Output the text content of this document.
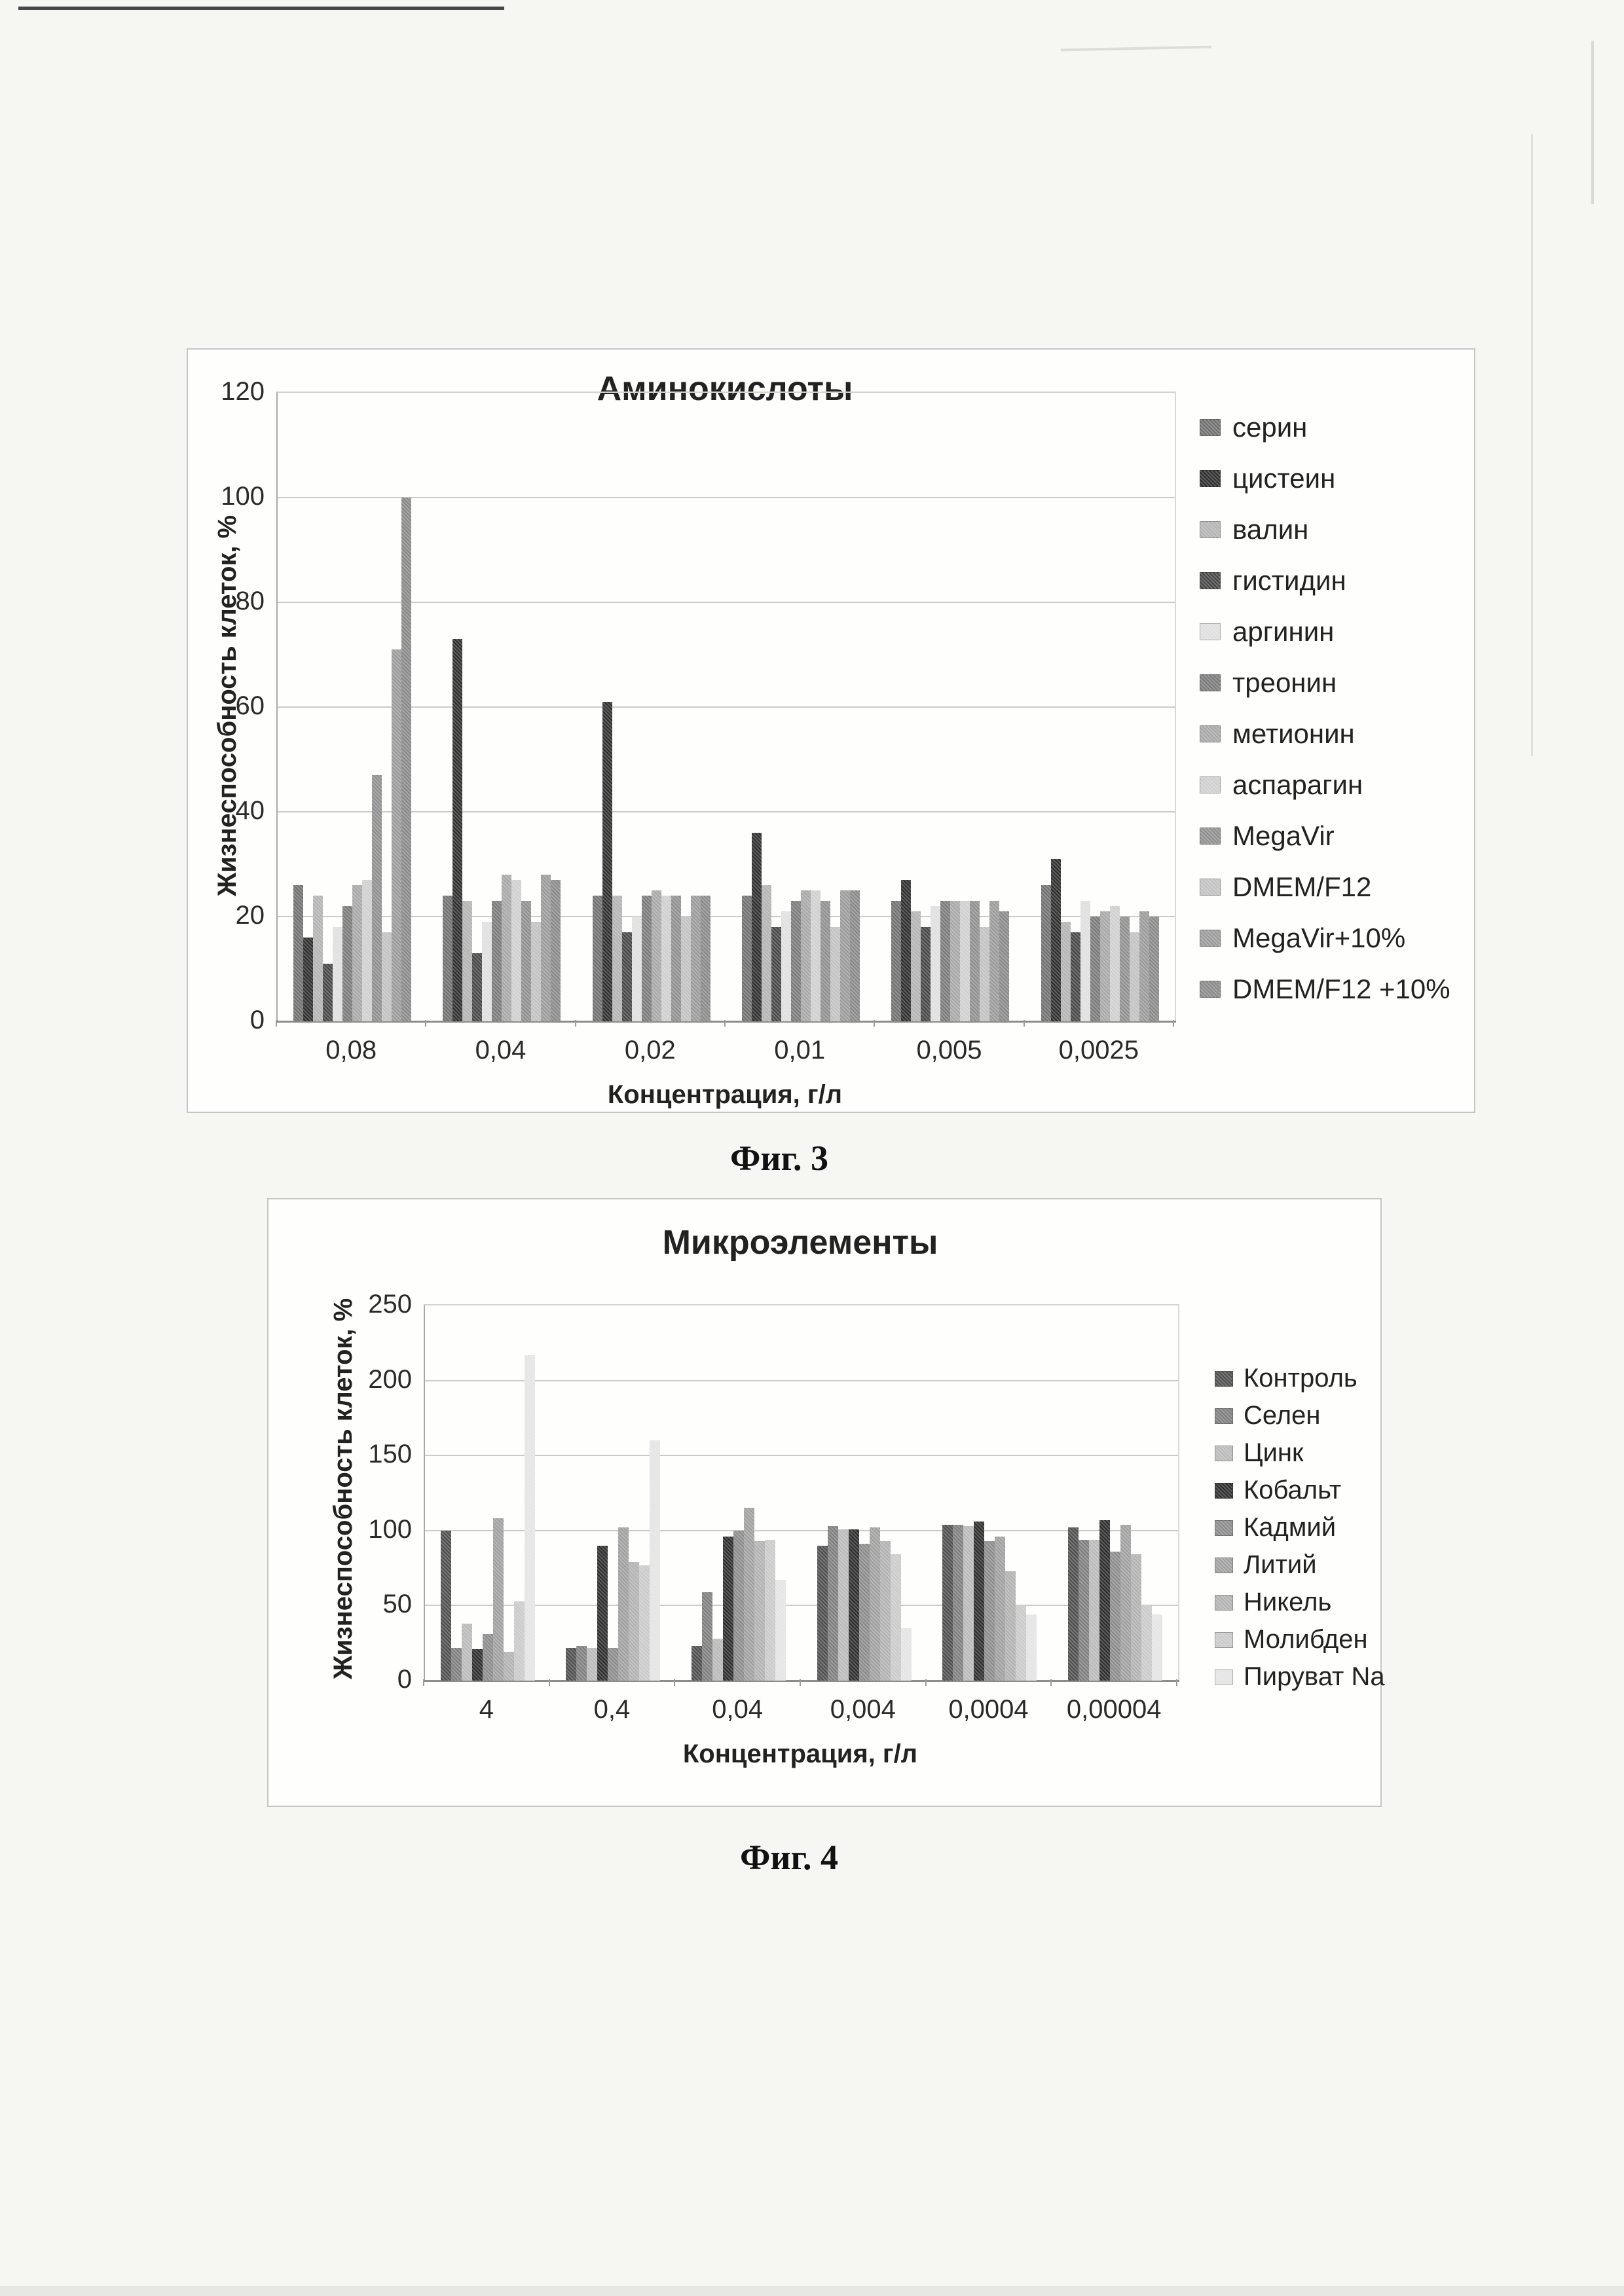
Аминокислоты
Жизнеспособность клеток, %
Концентрация, г/л
серин
цистеин
валин
гистидин
аргинин
треонин
метионин
аспарагин
MegaVir
DMEM/F12
MegaVir+10%
DMEM/F12 +10%
120
100
80
60
40
20
0
0,08	0,04	0,02	0,01	0,005	0,0025
Фиг. 3
Микроэлементы
Жизнеспособность клеток, %
Концентрация, г/л
Контроль
Селен
Цинк
Кобальт
Кадмий
Литий
Никель
Молибден
Пируват Na
250
200
150
100
50
0
4	0,4	0,04	0,004	0,0004	0,00004
Фиг. 4
